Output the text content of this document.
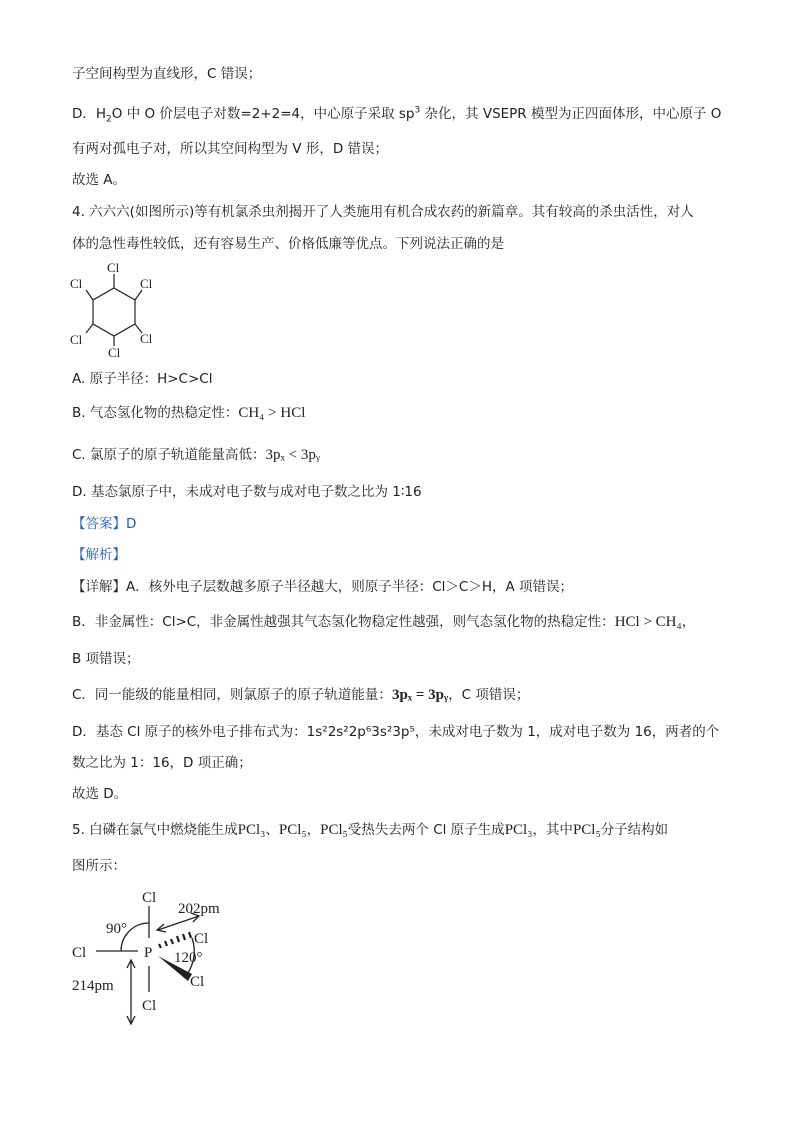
子空间构型为直线形，C 错误；
D．$H_2O$ 中 O 价层电子对数=2+2=4，中心原子采取 $sp^3$ 杂化，其 VSEPR 模型为正四面体形，中心原子 O
有两对孤电子对，所以其空间构型为 V 形，D 错误；
故选 A。
4. 六六六(如图所示)等有机氯杀虫剂揭开了人类施用有机合成农药的新篇章。其有较高的杀虫活性，对人
体的急性毒性较低，还有容易生产、价格低廉等优点。下列说法正确的是
Cl
Cl
Cl
Cl
Cl
Cl
A. 原子半径：H>C>Cl
B. 气态氢化物的热稳定性：CH₄ > HCl
C. 氯原子的原子轨道能量高低：3pₓ < 3pᵧ
D. 基态氯原子中，未成对电子数与成对电子数之比为 1∶16
【答案】D
【解析】
【详解】A．核外电子层数越多原子半径越大，则原子半径：Cl＞C＞H，A 项错误；
B．非金属性：Cl>C，非金属性越强其气态氢化物稳定性越强，则气态氢化物的热稳定性：HCl > CH₄，
B 项错误；
C．同一能级的能量相同，则氯原子的原子轨道能量：3pₓ = 3pᵧ，C 项错误；
D．基态 Cl 原子的核外电子排布式为：1s²2s²2p⁶3s²3p⁵，未成对电子数为 1，成对电子数为 16，两者的个
数之比为 1：16，D 项正确；
故选 D。
5. 白磷在氯气中燃烧能生成PCl₃、PCl₅，PCl₅受热失去两个 Cl 原子生成PCl₃，其中PCl₅分子结构如
图所示：
Cl
Cl	P
Cl
Cl
Cl
90°
120°
202pm
214pm
